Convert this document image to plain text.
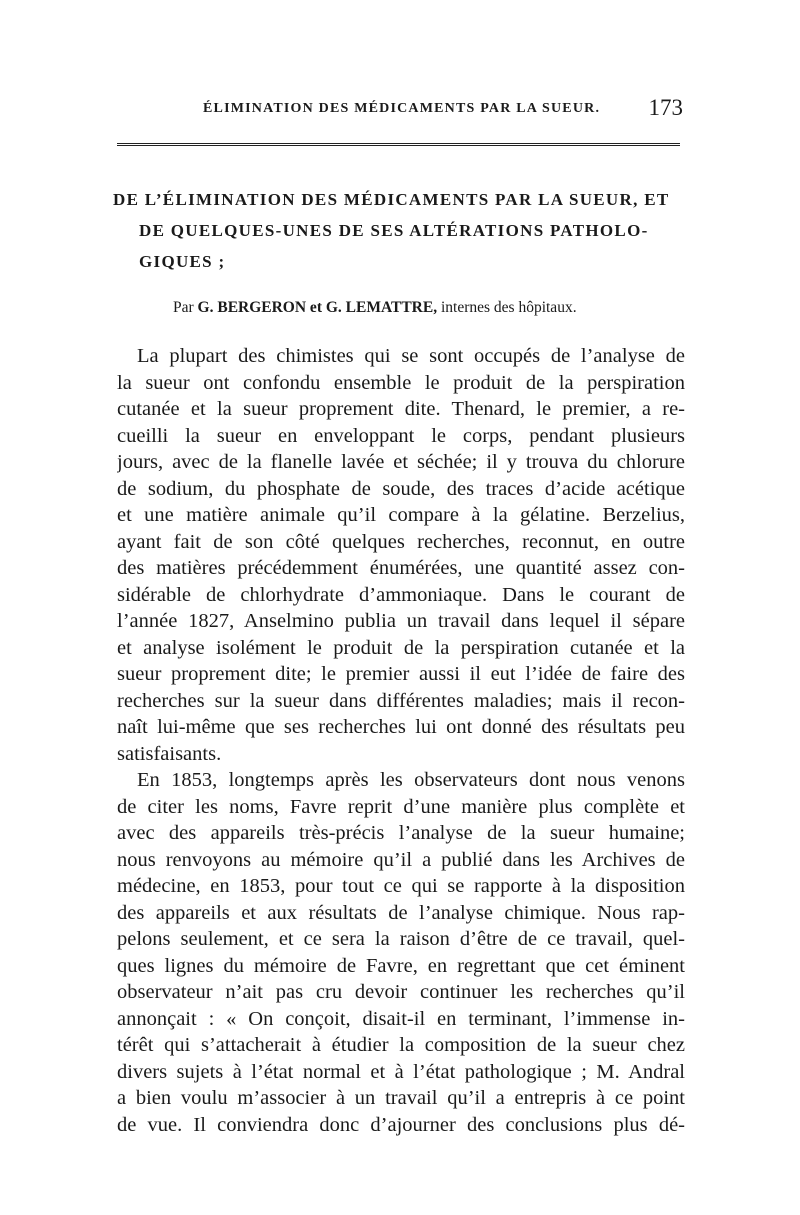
ÉLIMINATION DES MÉDICAMENTS PAR LA SUEUR. 173
DE L’ÉLIMINATION DES MÉDICAMENTS PAR LA SUEUR, ET
DE QUELQUES-UNES DE SES ALTÉRATIONS PATHOLO-
GIQUES ;
Par G. BERGERON et G. LEMATTRE, internes des hôpitaux.
La plupart des chimistes qui se sont occupés de l’analyse de
la sueur ont confondu ensemble le produit de la perspiration
cutanée et la sueur proprement dite. Thenard, le premier, a re-
cueilli la sueur en enveloppant le corps, pendant plusieurs
jours, avec de la flanelle lavée et séchée; il y trouva du chlorure
de sodium, du phosphate de soude, des traces d’acide acétique
et une matière animale qu’il compare à la gélatine. Berzelius,
ayant fait de son côté quelques recherches, reconnut, en outre
des matières précédemment énumérées, une quantité assez con-
sidérable de chlorhydrate d’ammoniaque. Dans le courant de
l’année 1827, Anselmino publia un travail dans lequel il sépare
et analyse isolément le produit de la perspiration cutanée et la
sueur proprement dite; le premier aussi il eut l’idée de faire des
recherches sur la sueur dans différentes maladies; mais il recon-
naît lui-même que ses recherches lui ont donné des résultats peu
satisfaisants.
En 1853, longtemps après les observateurs dont nous venons
de citer les noms, Favre reprit d’une manière plus complète et
avec des appareils très-précis l’analyse de la sueur humaine;
nous renvoyons au mémoire qu’il a publié dans les Archives de
médecine, en 1853, pour tout ce qui se rapporte à la disposition
des appareils et aux résultats de l’analyse chimique. Nous rap-
pelons seulement, et ce sera la raison d’être de ce travail, quel-
ques lignes du mémoire de Favre, en regrettant que cet éminent
observateur n’ait pas cru devoir continuer les recherches qu’il
annonçait : « On conçoit, disait-il en terminant, l’immense in-
térêt qui s’attacherait à étudier la composition de la sueur chez
divers sujets à l’état normal et à l’état pathologique ; M. Andral
a bien voulu m’associer à un travail qu’il a entrepris à ce point
de vue. Il conviendra donc d’ajourner des conclusions plus dé-
